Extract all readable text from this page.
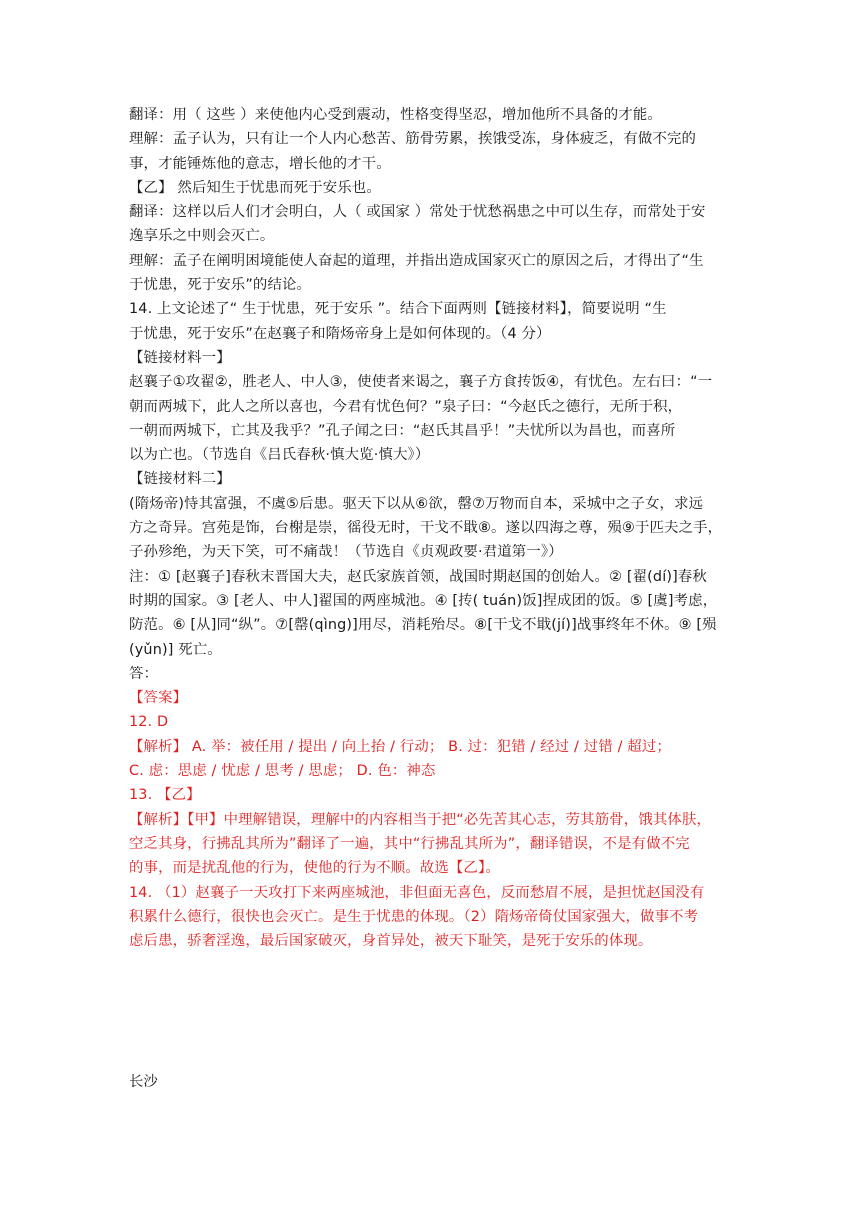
翻译：用（ 这些 ）来使他内心受到震动，性格变得坚忍，增加他所不具备的才能。
理解：孟子认为，只有让一个人内心愁苦、筋骨劳累，挨饿受冻，身体疲乏，有做不完的
事，才能锤炼他的意志，增长他的才干。
【乙】 然后知生于忧患而死于安乐也。
翻译：这样以后人们才会明白，人（ 或国家 ）常处于忧愁祸患之中可以生存，而常处于安
逸享乐之中则会灭亡。
理解：孟子在阐明困境能使人奋起的道理，并指出造成国家灭亡的原因之后，才得出了“生
于忧患，死于安乐”的结论。
14. 上文论述了“ 生于忧患，死于安乐 ”。结合下面两则【链接材料】，简要说明 “生
于忧患，死于安乐”在赵襄子和隋炀帝身上是如何体现的。（4 分）
【链接材料一】
赵襄子①攻翟②，胜老人、中人③，使使者来谒之，襄子方食抟饭④，有忧色。左右曰：“一
朝而两城下，此人之所以喜也，今君有忧色何？”泉子曰：“今赵氏之德行，无所于积，
一朝而两城下，亡其及我乎？”孔子闻之曰：“赵氏其昌乎！”夫忧所以为昌也，而喜所
以为亡也。（节选自《吕氏春秋·慎大览·慎大》）
【链接材料二】
(隋炀帝)恃其富强，不虞⑤后患。驱天下以从⑥欲，罄⑦万物而自本，采城中之子女，求远
方之奇异。宫苑是饰，台榭是崇，徭役无时，干戈不戢⑧。遂以四海之尊，殒⑨于匹夫之手，
子孙殄绝，为天下笑，可不痛哉！（节选自《贞观政要·君道第一》）
注：① [赵襄子]春秋末晋国大夫，赵氏家族首领，战国时期赵国的创始人。② [翟(dí)]春秋
时期的国家。③ [老人、中人]翟国的两座城池。④ [抟( tuán)饭]捏成团的饭。⑤ [虞]考虑，
防范。⑥ [从]同“纵”。⑦[罄(qìng)]用尽，消耗殆尽。⑧[干戈不戢(jí)]战事终年不休。⑨ [殒
(yǔn)] 死亡。
答：
【答案】
12. D
【解析】 A. 举：被任用 / 提出 / 向上抬 / 行动； B. 过：犯错 / 经过 / 过错 / 超过；
C. 虑：思虑 / 忧虑 / 思考 / 思虑； D. 色：神态
13. 【乙】
【解析】【甲】中理解错误，理解中的内容相当于把“必先苦其心志，劳其筋骨，饿其体肤，
空乏其身，行拂乱其所为”翻译了一遍，其中“行拂乱其所为”，翻译错误，不是有做不完
的事，而是扰乱他的行为，使他的行为不顺。故选【乙】。
14. （1）赵襄子一天攻打下来两座城池，非但面无喜色，反而愁眉不展，是担忧赵国没有
积累什么德行，很快也会灭亡。是生于忧患的体现。（2）隋炀帝倚仗国家强大，做事不考
虑后患，骄奢淫逸，最后国家破灭，身首异处，被天下耻笑，是死于安乐的体现。
长沙
